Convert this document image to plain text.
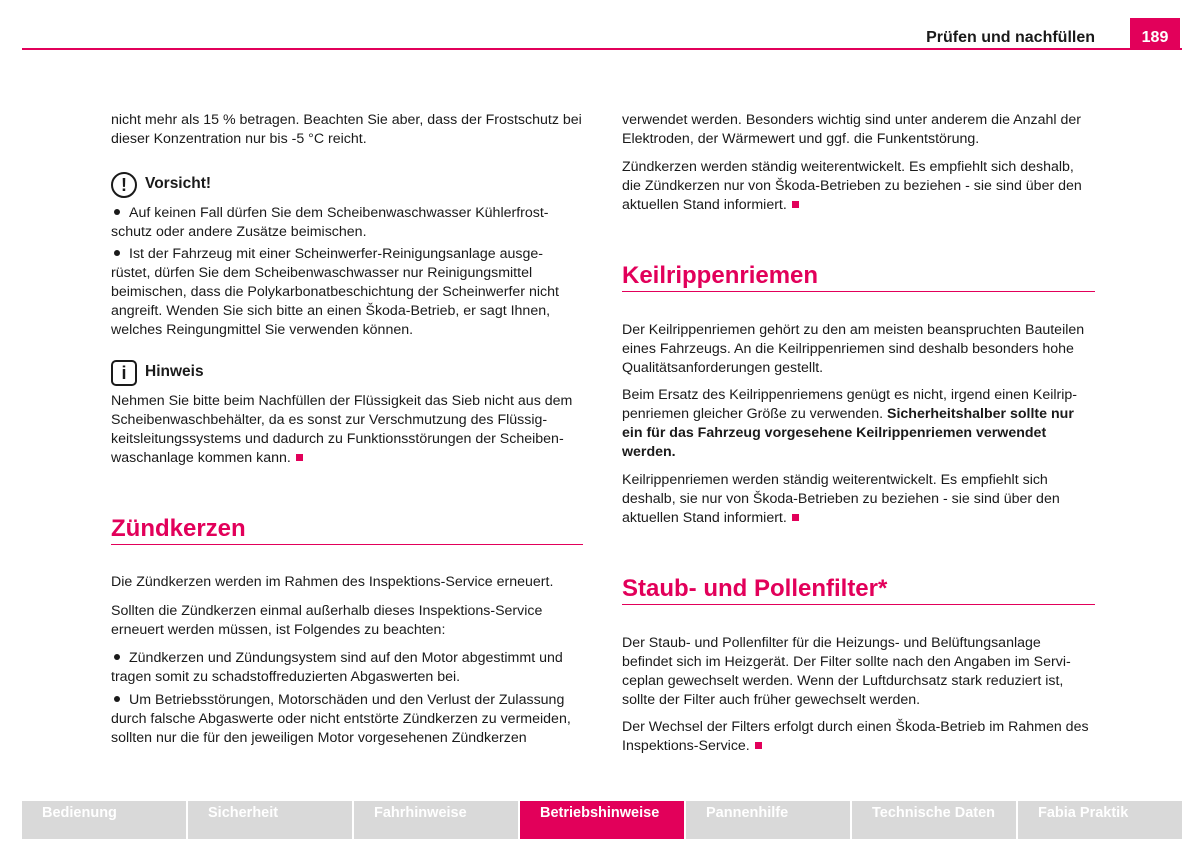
Prüfen und nachfüllen	189

nicht mehr als 15 % betragen. Beachten Sie aber, dass der Frostschutz bei dieser Konzentration nur bis -5 °C reicht.

! Vorsicht!

Auf keinen Fall dürfen Sie dem Scheibenwaschwasser Kühlerfrost- schutz oder andere Zusätze beimischen.

Ist der Fahrzeug mit einer Scheinwerfer-Reinigungsanlage ausge- rüstet, dürfen Sie dem Scheibenwaschwasser nur Reinigungsmittel beimischen, dass die Polykarbonatbeschichtung der Scheinwerfer nicht angreift. Wenden Sie sich bitte an einen Škoda-Betrieb, er sagt Ihnen, welches Reingungmittel Sie verwenden können.

i Hinweis

Nehmen Sie bitte beim Nachfüllen der Flüssigkeit das Sieb nicht aus dem Scheibenwaschbehälter, da es sonst zur Verschmutzung des Flüssig- keitsleitungssystems und dadurch zu Funktionsstörungen der Scheiben- waschanlage kommen kann.

Zündkerzen

Die Zündkerzen werden im Rahmen des Inspektions-Service erneuert.

Sollten die Zündkerzen einmal außerhalb dieses Inspektions-Service erneuert werden müssen, ist Folgendes zu beachten:

Zündkerzen und Zündungsystem sind auf den Motor abgestimmt und tragen somit zu schadstoffreduzierten Abgaswerten bei.

Um Betriebsstörungen, Motorschäden und den Verlust der Zulassung durch falsche Abgaswerte oder nicht entstörte Zündkerzen zu vermeiden, sollten nur die für den jeweiligen Motor vorgesehenen Zündkerzen

verwendet werden. Besonders wichtig sind unter anderem die Anzahl der Elektroden, der Wärmewert und ggf. die Funkentstörung.

Zündkerzen werden ständig weiterentwickelt. Es empfiehlt sich deshalb, die Zündkerzen nur von Škoda-Betrieben zu beziehen - sie sind über den aktuellen Stand informiert.

Keilrippenriemen

Der Keilrippenriemen gehört zu den am meisten beanspruchten Bauteilen eines Fahrzeugs. An die Keilrippenriemen sind deshalb besonders hohe Qualitätsanforderungen gestellt.

Beim Ersatz des Keilrippenriemens genügt es nicht, irgend einen Keilrip- penriemen gleicher Größe zu verwenden. Sicherheitshalber sollte nur ein für das Fahrzeug vorgesehene Keilrippenriemen verwendet werden.

Keilrippenriemen werden ständig weiterentwickelt. Es empfiehlt sich deshalb, sie nur von Škoda-Betrieben zu beziehen - sie sind über den aktuellen Stand informiert.

Staub- und Pollenfilter*

Der Staub- und Pollenfilter für die Heizungs- und Belüftungsanlage befindet sich im Heizgerät. Der Filter sollte nach den Angaben im Servi- ceplan gewechselt werden. Wenn der Luftdurchsatz stark reduziert ist, sollte der Filter auch früher gewechselt werden.

Der Wechsel der Filters erfolgt durch einen Škoda-Betrieb im Rahmen des Inspektions-Service.

Bedienung	Sicherheit	Fahrhinweise	Betriebshinweise	Pannenhilfe	Technische Daten	Fabia Praktik
